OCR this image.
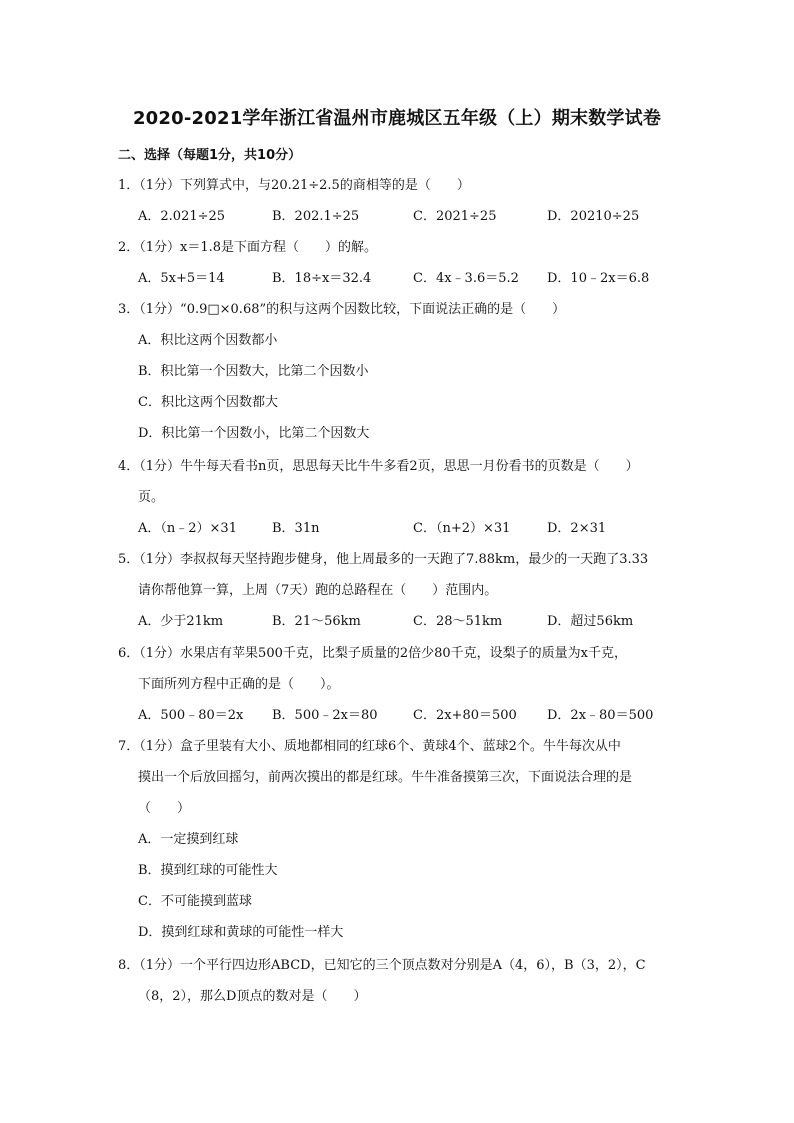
2020-2021学年浙江省温州市鹿城区五年级（上）期末数学试卷
二、选择（每题1分，共10分）
1．（1分）下列算式中，与20.21÷2.5的商相等的是（　　）
A．2.021÷25	B．202.1÷25	C．2021÷25	D．20210÷25
2．（1分）x＝1.8是下面方程（　　）的解。
A．5x+5＝14	B．18÷x＝32.4	C．4x﹣3.6＝5.2 D．10﹣2x＝6.8
3．（1分）“0.9□×0.68”的积与这两个因数比较，下面说法正确的是（　　）
A．积比这两个因数都小
B．积比第一个因数大，比第二个因数小
C．积比这两个因数都大
D．积比第一个因数小，比第二个因数大
4．（1分）牛牛每天看书n页，思思每天比牛牛多看2页，思思一月份看书的页数是（　　）
页。
A．（n﹣2）×31	B．31n	C．（n+2）×31	D．2×31
5．（1分）李叔叔每天坚持跑步健身，他上周最多的一天跑了7.88km，最少的一天跑了3.33
请你帮他算一算，上周（7天）跑的总路程在（　　）范围内。
A．少于21km	B．21～56km	C．28～51km	D．超过56km
6．（1分）水果店有苹果500千克，比梨子质量的2倍少80千克，设梨子的质量为x千克，
下面所列方程中正确的是（　　）。
A．500﹣80＝2x B．500﹣2x＝80	C．2x+80＝500 D．2x﹣80＝500
7．（1分）盒子里装有大小、质地都相同的红球6个、黄球4个、蓝球2个。牛牛每次从中
摸出一个后放回摇匀，前两次摸出的都是红球。牛牛准备摸第三次，下面说法合理的是
（　　）
A．一定摸到红球
B．摸到红球的可能性大
C．不可能摸到蓝球
D．摸到红球和黄球的可能性一样大
8．（1分）一个平行四边形ABCD，已知它的三个顶点数对分别是A（4，6），B（3，2），C
（8，2），那么D顶点的数对是（　　）
